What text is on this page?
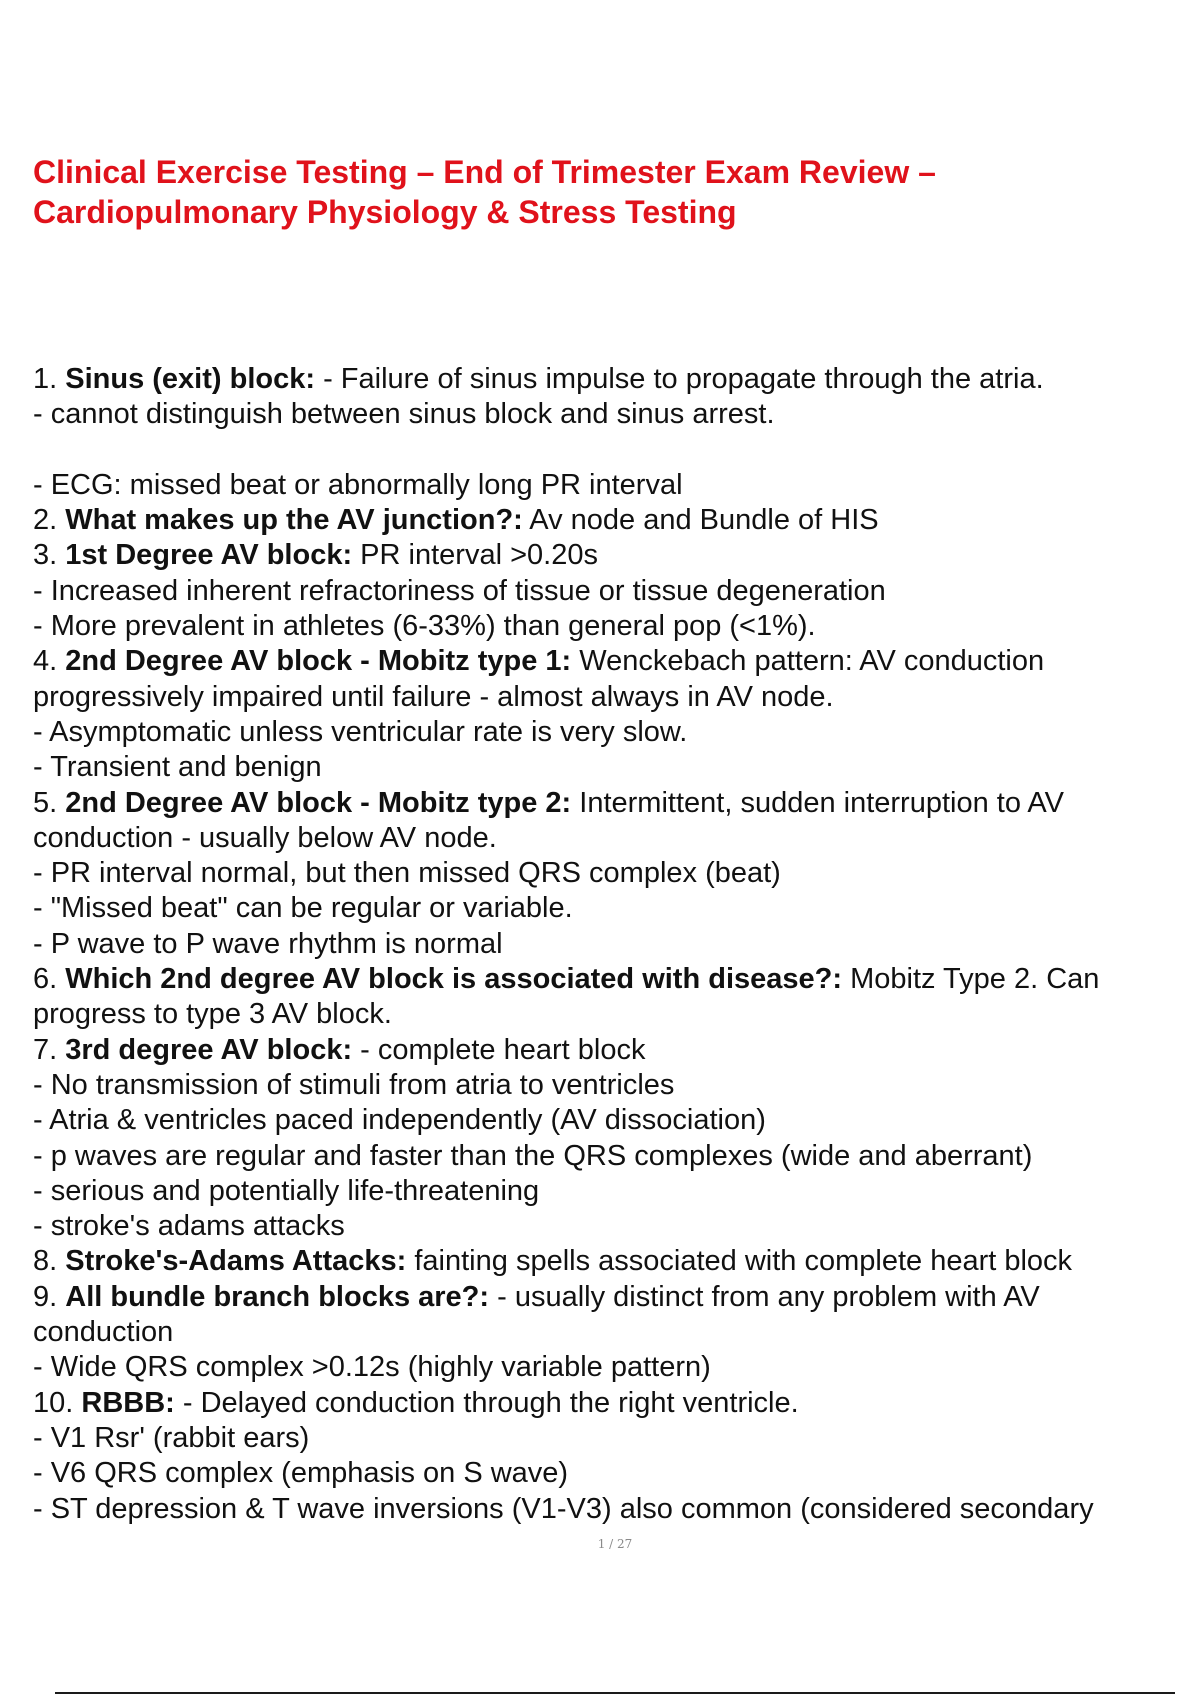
Clinical Exercise Testing – End of Trimester Exam Review –
Cardiopulmonary Physiology & Stress Testing
1. Sinus (exit) block: - Failure of sinus impulse to propagate through the atria.
- cannot distinguish between sinus block and sinus arrest.
- ECG: missed beat or abnormally long PR interval
2. What makes up the AV junction?: Av node and Bundle of HIS
3. 1st Degree AV block: PR interval >0.20s
- Increased inherent refractoriness of tissue or tissue degeneration
- More prevalent in athletes (6-33%) than general pop (<1%).
4. 2nd Degree AV block - Mobitz type 1: Wenckebach pattern: AV conduction
progressively impaired until failure - almost always in AV node.
- Asymptomatic unless ventricular rate is very slow.
- Transient and benign
5. 2nd Degree AV block - Mobitz type 2: Intermittent, sudden interruption to AV
conduction - usually below AV node.
- PR interval normal, but then missed QRS complex (beat)
- "Missed beat" can be regular or variable.
- P wave to P wave rhythm is normal
6. Which 2nd degree AV block is associated with disease?: Mobitz Type 2. Can
progress to type 3 AV block.
7. 3rd degree AV block: - complete heart block
- No transmission of stimuli from atria to ventricles
- Atria & ventricles paced independently (AV dissociation)
- p waves are regular and faster than the QRS complexes (wide and aberrant)
- serious and potentially life-threatening
- stroke's adams attacks
8. Stroke's-Adams Attacks: fainting spells associated with complete heart block
9. All bundle branch blocks are?: - usually distinct from any problem with AV
conduction
- Wide QRS complex >0.12s (highly variable pattern)
10. RBBB: - Delayed conduction through the right ventricle.
- V1 Rsr' (rabbit ears)
- V6 QRS complex (emphasis on S wave)
- ST depression & T wave inversions (V1-V3) also common (considered secondary
1 / 27
